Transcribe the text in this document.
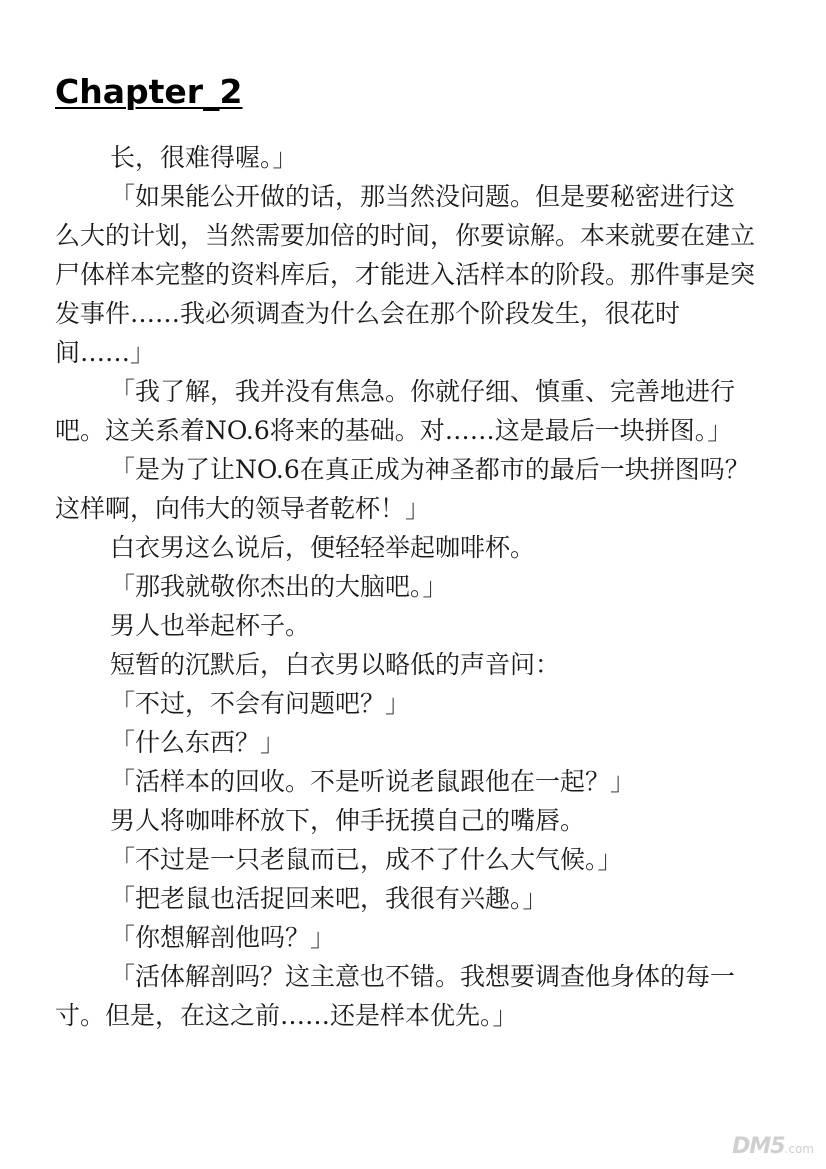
Chapter_2

长，很难得喔。」

「如果能公开做的话，那当然没问题。但是要秘密进行这么大的计划，当然需要加倍的时间，你要谅解。本来就要在建立尸体样本完整的资料库后，才能进入活样本的阶段。那件事是突发事件……我必须调查为什么会在那个阶段发生，很花时间……」

「我了解，我并没有焦急。你就仔细、慎重、完善地进行吧。这关系着NO.6将来的基础。对……这是最后一块拼图。」

「是为了让NO.6在真正成为神圣都市的最后一块拼图吗？这样啊，向伟大的领导者乾杯！」

白衣男这么说后，便轻轻举起咖啡杯。

「那我就敬你杰出的大脑吧。」

男人也举起杯子。

短暂的沉默后，白衣男以略低的声音问：

「不过，不会有问题吧？」

「什么东西？」

「活样本的回收。不是听说老鼠跟他在一起？」

男人将咖啡杯放下，伸手抚摸自己的嘴唇。

「不过是一只老鼠而已，成不了什么大气候。」

「把老鼠也活捉回来吧，我很有兴趣。」

「你想解剖他吗？」

「活体解剖吗？这主意也不错。我想要调查他身体的每一寸。但是，在这之前……还是样本优先。」

DM5.com
